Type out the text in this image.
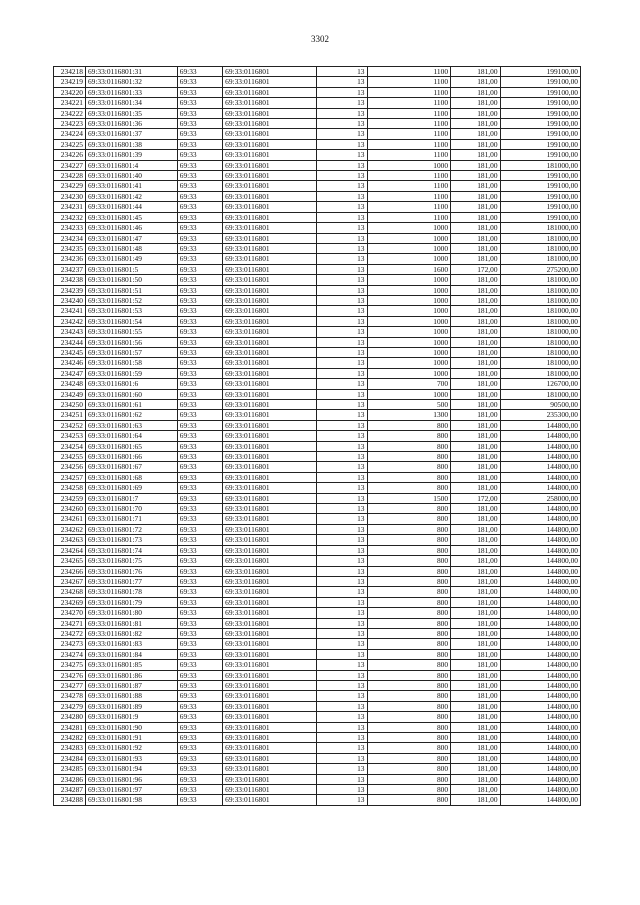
3302
234218	69:33:0116801:31	69:33	69:33:0116801	13	1100	181,00	199100,00
234219	69:33:0116801:32	69:33	69:33:0116801	13	1100	181,00	199100,00
234220	69:33:0116801:33	69:33	69:33:0116801	13	1100	181,00	199100,00
234221	69:33:0116801:34	69:33	69:33:0116801	13	1100	181,00	199100,00
234222	69:33:0116801:35	69:33	69:33:0116801	13	1100	181,00	199100,00
234223	69:33:0116801:36	69:33	69:33:0116801	13	1100	181,00	199100,00
234224	69:33:0116801:37	69:33	69:33:0116801	13	1100	181,00	199100,00
234225	69:33:0116801:38	69:33	69:33:0116801	13	1100	181,00	199100,00
234226	69:33:0116801:39	69:33	69:33:0116801	13	1100	181,00	199100,00
234227	69:33:0116801:4	69:33	69:33:0116801	13	1000	181,00	181000,00
234228	69:33:0116801:40	69:33	69:33:0116801	13	1100	181,00	199100,00
234229	69:33:0116801:41	69:33	69:33:0116801	13	1100	181,00	199100,00
234230	69:33:0116801:42	69:33	69:33:0116801	13	1100	181,00	199100,00
234231	69:33:0116801:44	69:33	69:33:0116801	13	1100	181,00	199100,00
234232	69:33:0116801:45	69:33	69:33:0116801	13	1100	181,00	199100,00
234233	69:33:0116801:46	69:33	69:33:0116801	13	1000	181,00	181000,00
234234	69:33:0116801:47	69:33	69:33:0116801	13	1000	181,00	181000,00
234235	69:33:0116801:48	69:33	69:33:0116801	13	1000	181,00	181000,00
234236	69:33:0116801:49	69:33	69:33:0116801	13	1000	181,00	181000,00
234237	69:33:0116801:5	69:33	69:33:0116801	13	1600	172,00	275200,00
234238	69:33:0116801:50	69:33	69:33:0116801	13	1000	181,00	181000,00
234239	69:33:0116801:51	69:33	69:33:0116801	13	1000	181,00	181000,00
234240	69:33:0116801:52	69:33	69:33:0116801	13	1000	181,00	181000,00
234241	69:33:0116801:53	69:33	69:33:0116801	13	1000	181,00	181000,00
234242	69:33:0116801:54	69:33	69:33:0116801	13	1000	181,00	181000,00
234243	69:33:0116801:55	69:33	69:33:0116801	13	1000	181,00	181000,00
234244	69:33:0116801:56	69:33	69:33:0116801	13	1000	181,00	181000,00
234245	69:33:0116801:57	69:33	69:33:0116801	13	1000	181,00	181000,00
234246	69:33:0116801:58	69:33	69:33:0116801	13	1000	181,00	181000,00
234247	69:33:0116801:59	69:33	69:33:0116801	13	1000	181,00	181000,00
234248	69:33:0116801:6	69:33	69:33:0116801	13	700	181,00	126700,00
234249	69:33:0116801:60	69:33	69:33:0116801	13	1000	181,00	181000,00
234250	69:33:0116801:61	69:33	69:33:0116801	13	500	181,00	90500,00
234251	69:33:0116801:62	69:33	69:33:0116801	13	1300	181,00	235300,00
234252	69:33:0116801:63	69:33	69:33:0116801	13	800	181,00	144800,00
234253	69:33:0116801:64	69:33	69:33:0116801	13	800	181,00	144800,00
234254	69:33:0116801:65	69:33	69:33:0116801	13	800	181,00	144800,00
234255	69:33:0116801:66	69:33	69:33:0116801	13	800	181,00	144800,00
234256	69:33:0116801:67	69:33	69:33:0116801	13	800	181,00	144800,00
234257	69:33:0116801:68	69:33	69:33:0116801	13	800	181,00	144800,00
234258	69:33:0116801:69	69:33	69:33:0116801	13	800	181,00	144800,00
234259	69:33:0116801:7	69:33	69:33:0116801	13	1500	172,00	258000,00
234260	69:33:0116801:70	69:33	69:33:0116801	13	800	181,00	144800,00
234261	69:33:0116801:71	69:33	69:33:0116801	13	800	181,00	144800,00
234262	69:33:0116801:72	69:33	69:33:0116801	13	800	181,00	144800,00
234263	69:33:0116801:73	69:33	69:33:0116801	13	800	181,00	144800,00
234264	69:33:0116801:74	69:33	69:33:0116801	13	800	181,00	144800,00
234265	69:33:0116801:75	69:33	69:33:0116801	13	800	181,00	144800,00
234266	69:33:0116801:76	69:33	69:33:0116801	13	800	181,00	144800,00
234267	69:33:0116801:77	69:33	69:33:0116801	13	800	181,00	144800,00
234268	69:33:0116801:78	69:33	69:33:0116801	13	800	181,00	144800,00
234269	69:33:0116801:79	69:33	69:33:0116801	13	800	181,00	144800,00
234270	69:33:0116801:80	69:33	69:33:0116801	13	800	181,00	144800,00
234271	69:33:0116801:81	69:33	69:33:0116801	13	800	181,00	144800,00
234272	69:33:0116801:82	69:33	69:33:0116801	13	800	181,00	144800,00
234273	69:33:0116801:83	69:33	69:33:0116801	13	800	181,00	144800,00
234274	69:33:0116801:84	69:33	69:33:0116801	13	800	181,00	144800,00
234275	69:33:0116801:85	69:33	69:33:0116801	13	800	181,00	144800,00
234276	69:33:0116801:86	69:33	69:33:0116801	13	800	181,00	144800,00
234277	69:33:0116801:87	69:33	69:33:0116801	13	800	181,00	144800,00
234278	69:33:0116801:88	69:33	69:33:0116801	13	800	181,00	144800,00
234279	69:33:0116801:89	69:33	69:33:0116801	13	800	181,00	144800,00
234280	69:33:0116801:9	69:33	69:33:0116801	13	800	181,00	144800,00
234281	69:33:0116801:90	69:33	69:33:0116801	13	800	181,00	144800,00
234282	69:33:0116801:91	69:33	69:33:0116801	13	800	181,00	144800,00
234283	69:33:0116801:92	69:33	69:33:0116801	13	800	181,00	144800,00
234284	69:33:0116801:93	69:33	69:33:0116801	13	800	181,00	144800,00
234285	69:33:0116801:94	69:33	69:33:0116801	13	800	181,00	144800,00
234286	69:33:0116801:96	69:33	69:33:0116801	13	800	181,00	144800,00
234287	69:33:0116801:97	69:33	69:33:0116801	13	800	181,00	144800,00
234288	69:33:0116801:98	69:33	69:33:0116801	13	800	181,00	144800,00
